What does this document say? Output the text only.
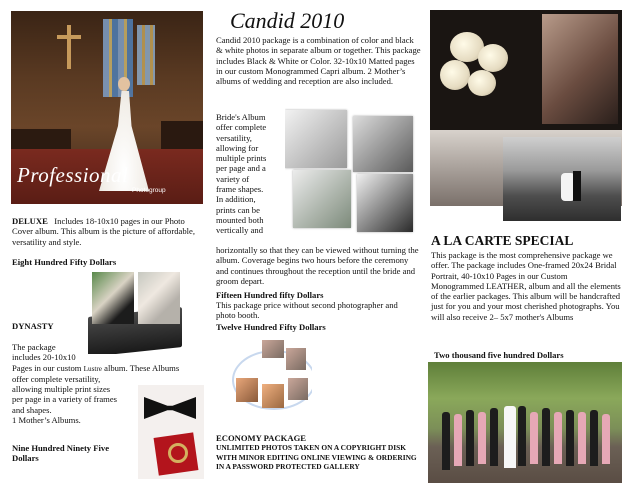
Professional
Photogroup
DELUXE Includes 18-10x10 pages in our Photo Cover album. This album is the picture of affordable, versatility and style.
Eight Hundred Fifty Dollars
DYNASTY
The package
includes 20-10x10
Pages in our custom Lustre album. These Albums
offer complete versatility,
allowing multiple print sizes
per page in a variety of frames
and shapes.
1 Mother’s Albums.
Nine Hundred Ninety Five
Dollars
Candid 2010
Candid 2010 package is a combination of color and black & white photos in separate album or together. This package includes Black & White or Color. 32-10x10 Matted pages in our custom Monogrammed Capri album. 2 Mother’s albums of wedding and reception are also included.
Bride's Album
offer complete
versatility,
allowing for
multiple prints
per page and a
variety of
frame shapes.
In addition,
prints can be
mounted both
vertically and
horizontally so that they can be viewed without turning the album. Coverage begins two hours before the ceremony and continues throughout the reception until the bride and groom depart.
Fifteen Hundred fifty Dollars
This package price without second photographer and photo booth.
Twelve Hundred Fifty Dollars
ECONOMY PACKAGE
UNLIMITED PHOTOS TAKEN ON A COPYRIGHT DISK WITH MINOR EDITING ONLINE VIEWING & ORDERING IN A PASSWORD PROTECTED GALLERY
A LA CARTE SPECIAL
This package is the most comprehensive package we offer. The package includes One-framed 20x24 Bridal Portrait, 40-10x10 Pages in our Custom Monogrammed LEATHER, album and all the elements of the earlier packages. This album will be handcrafted just for you and your most cherished photographs. You will also receive 2– 5x7 mother's Albums
Two thousand five hundred Dollars
